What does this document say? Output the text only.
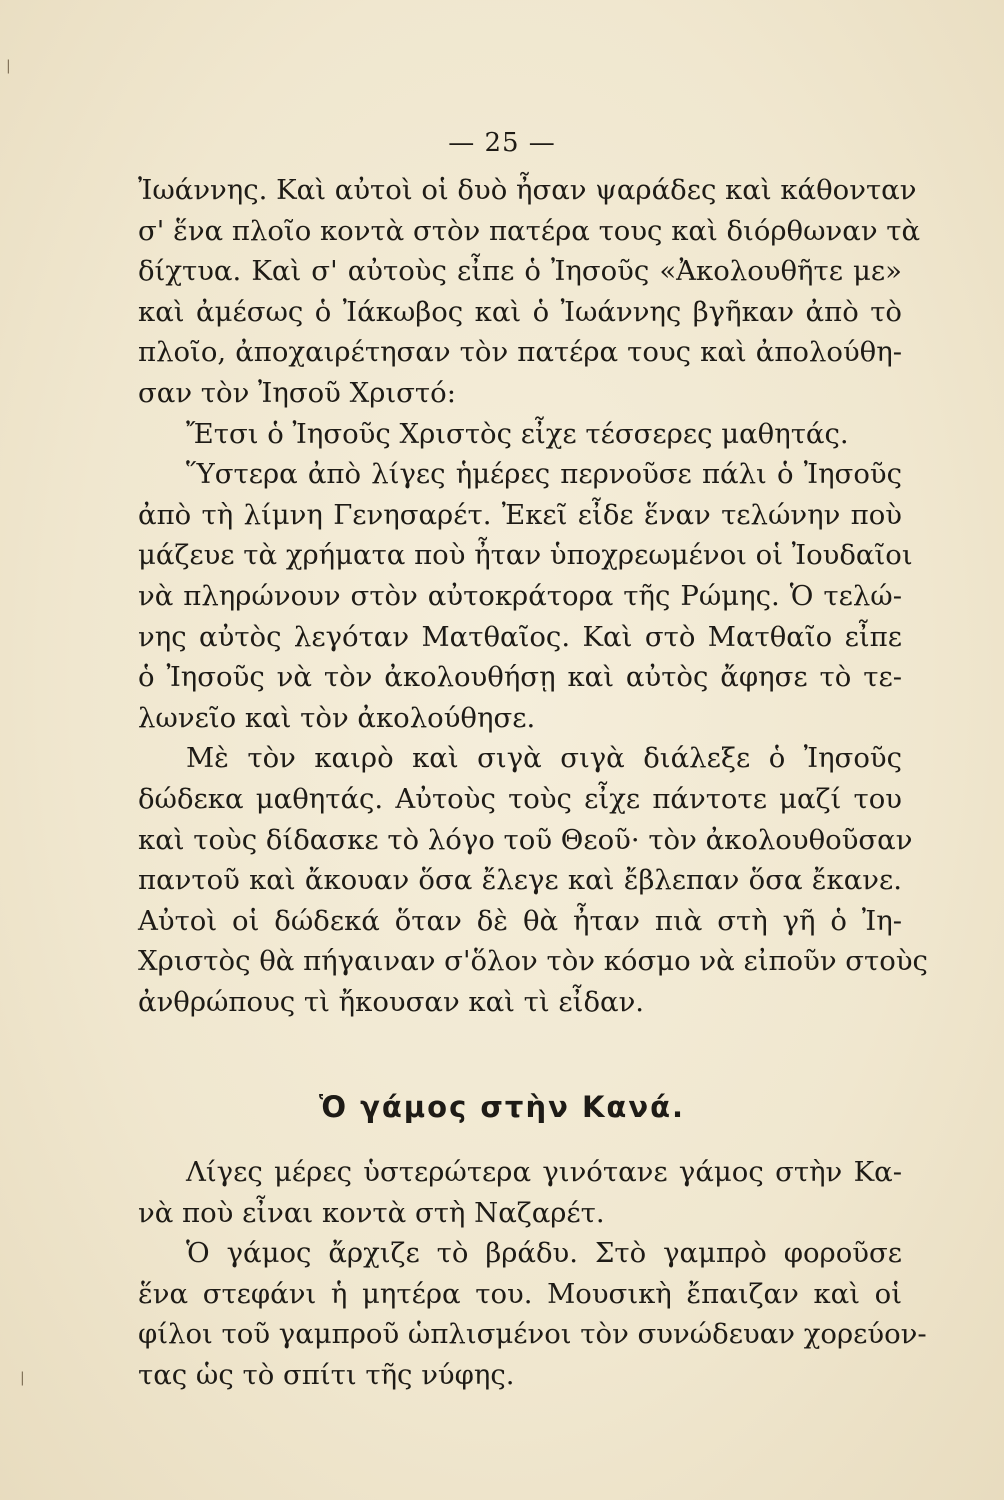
|
|
— 25 —
Ἰωάννης. Καὶ αὐτοὶ οἱ δυὸ ἦσαν ψαράδες καὶ κάθονταν
σ' ἕνα πλοῖο κοντὰ στὸν πατέρα τους καὶ διόρθωναν τὰ
δίχτυα. Καὶ σ' αὐτοὺς εἶπε ὁ Ἰησοῦς «Ἀκολουθῆτε με»
καὶ ἀμέσως ὁ Ἰάκωβος καὶ ὁ Ἰωάννης βγῆκαν ἀπὸ τὸ
πλοῖο, ἀποχαιρέτησαν τὸν πατέρα τους καὶ ἀπολούθη-
σαν τὸν Ἰησοῦ Χριστό:
Ἔτσι ὁ Ἰησοῦς Χριστὸς εἶχε τέσσερες μαθητάς.
Ὕστερα ἀπὸ λίγες ἡμέρες περνοῦσε πάλι ὁ Ἰησοῦς
ἀπὸ τὴ λίμνη Γενησαρέτ. Ἐκεῖ εἶδε ἕναν τελώνην ποὺ
μάζευε τὰ χρήματα ποὺ ἦταν ὑποχρεωμένοι οἱ Ἰουδαῖοι
νὰ πληρώνουν στὸν αὐτοκράτορα τῆς Ρώμης. Ὁ τελώ-
νης αὐτὸς λεγόταν Ματθαῖος. Καὶ στὸ Ματθαῖο εἶπε
ὁ Ἰησοῦς νὰ τὸν ἀκολουθήσῃ καὶ αὐτὸς ἄφησε τὸ τε-
λωνεῖο καὶ τὸν ἀκολούθησε.
Μὲ τὸν καιρὸ καὶ σιγὰ σιγὰ διάλεξε ὁ Ἰησοῦς
δώδεκα μαθητάς. Αὐτοὺς τοὺς εἶχε πάντοτε μαζί του
καὶ τοὺς δίδασκε τὸ λόγο τοῦ Θεοῦ· τὸν ἀκολουθοῦσαν
παντοῦ καὶ ἄκουαν ὅσα ἔλεγε καὶ ἔβλεπαν ὅσα ἔκανε.
Αὐτοὶ οἱ δώδεκά ὅταν δὲ θὰ ἦταν πιὰ στὴ γῆ ὁ Ἰη-
Χριστὸς θὰ πήγαιναν σ'ὅλον τὸν κόσμο νὰ εἰποῦν στοὺς
ἀνθρώπους τὶ ἤκουσαν καὶ τὶ εἶδαν.
Ὁ γάμος στὴν Κανά.
Λίγες μέρες ὑστερώτερα γινότανε γάμος στὴν Κα-
νὰ ποὺ εἶναι κοντὰ στὴ Ναζαρέτ.
Ὁ γάμος ἄρχιζε τὸ βράδυ. Στὸ γαμπρὸ φοροῦσε
ἕνα στεφάνι ἡ μητέρα του. Μουσικὴ ἔπαιζαν καὶ οἱ
φίλοι τοῦ γαμπροῦ ὡπλισμένοι τὸν συνώδευαν χορεύον-
τας ὡς τὸ σπίτι τῆς νύφης.
